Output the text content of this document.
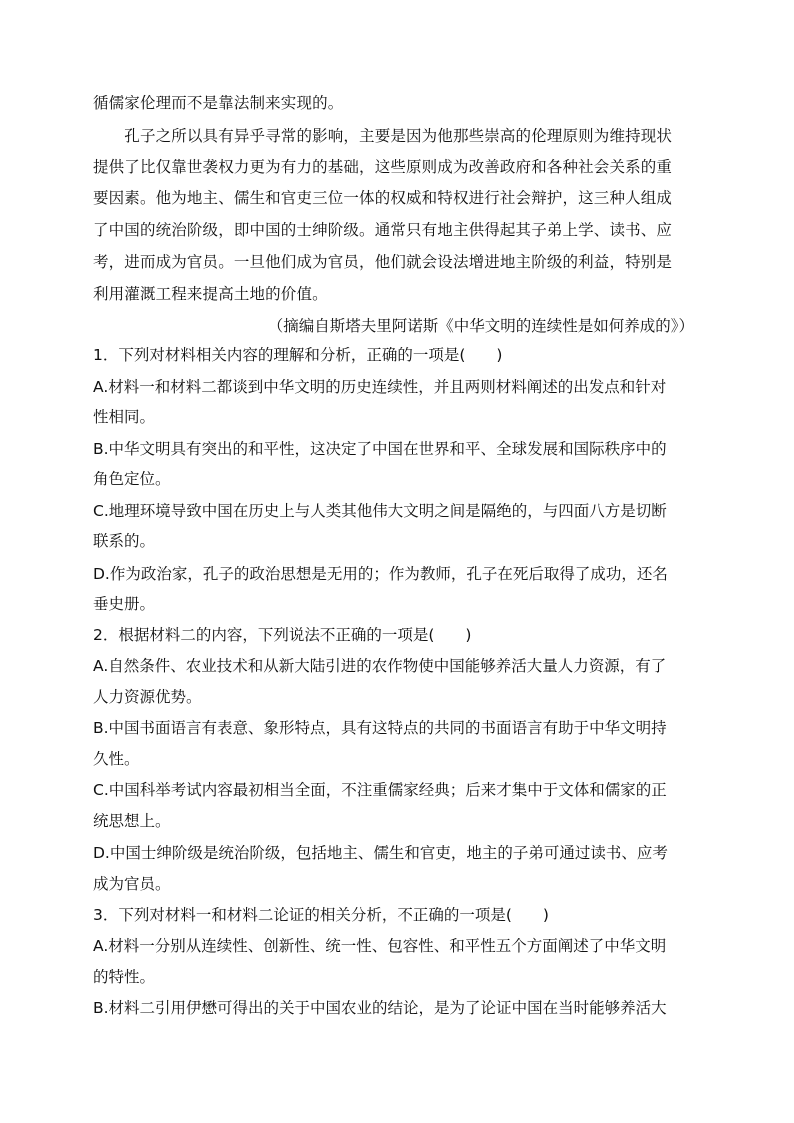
循儒家伦理而不是靠法制来实现的。
　　孔子之所以具有异乎寻常的影响，主要是因为他那些崇高的伦理原则为维持现状
提供了比仅靠世袭权力更为有力的基础，这些原则成为改善政府和各种社会关系的重
要因素。他为地主、儒生和官吏三位一体的权威和特权进行社会辩护，这三种人组成
了中国的统治阶级，即中国的士绅阶级。通常只有地主供得起其子弟上学、读书、应
考，进而成为官员。一旦他们成为官员，他们就会设法增进地主阶级的利益，特别是
利用灌溉工程来提高土地的价值。
（摘编自斯塔夫里阿诺斯《中华文明的连续性是如何养成的》）
1．下列对材料相关内容的理解和分析，正确的一项是(　　)
A.材料一和材料二都谈到中华文明的历史连续性，并且两则材料阐述的出发点和针对
性相同。
B.中华文明具有突出的和平性，这决定了中国在世界和平、全球发展和国际秩序中的
角色定位。
C.地理环境导致中国在历史上与人类其他伟大文明之间是隔绝的，与四面八方是切断
联系的。
D.作为政治家，孔子的政治思想是无用的；作为教师，孔子在死后取得了成功，还名
垂史册。
2．根据材料二的内容，下列说法不正确的一项是(　　)
A.自然条件、农业技术和从新大陆引进的农作物使中国能够养活大量人力资源，有了
人力资源优势。
B.中国书面语言有表意、象形特点，具有这特点的共同的书面语言有助于中华文明持
久性。
C.中国科举考试内容最初相当全面，不注重儒家经典；后来才集中于文体和儒家的正
统思想上。
D.中国士绅阶级是统治阶级，包括地主、儒生和官吏，地主的子弟可通过读书、应考
成为官员。
3．下列对材料一和材料二论证的相关分析，不正确的一项是(　　)
A.材料一分别从连续性、创新性、统一性、包容性、和平性五个方面阐述了中华文明
的特性。
B.材料二引用伊懋可得出的关于中国农业的结论，是为了论证中国在当时能够养活大
